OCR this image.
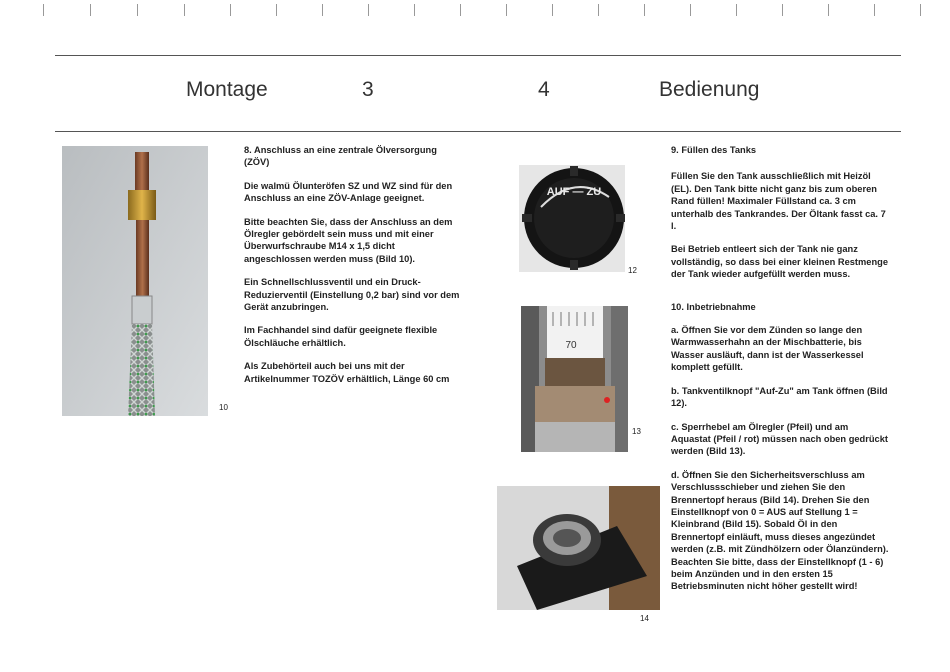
Montage	3	4	Bedienung
10

8. Anschluss an eine zentrale Ölversorgung (ZÖV)

Die walmü Ölunteröfen SZ und WZ sind für den Anschluss an eine ZÖV-Anlage geeignet.

Bitte beachten Sie, dass der Anschluss an dem Ölregler gebördelt sein muss und mit einer Überwurfschraube M14 x 1,5 dicht angeschlossen werden muss (Bild 10).

Ein Schnellschlussventil und ein Druck-Reduzierventil (Einstellung 0,2 bar) sind vor dem Gerät anzubringen.

Im Fachhandel sind dafür geeignete flexible Ölschläuche erhältlich.

Als Zubehörteil auch bei uns mit der Artikelnummer TOZÖV erhältlich, Länge 60 cm

AUF — ZU
12
70
13
14

9. Füllen des Tanks

Füllen Sie den Tank ausschließlich mit Heizöl (EL). Den Tank bitte nicht ganz bis zum oberen Rand füllen! Maximaler Füllstand ca. 3 cm unterhalb des Tankrandes. Der Öltank fasst ca. 7 l.

Bei Betrieb entleert sich der Tank nie ganz vollständig, so dass bei einer kleinen Restmenge der Tank wieder aufgefüllt werden muss.

10. Inbetriebnahme

a. Öffnen Sie vor dem Zünden so lange den Warmwasserhahn an der Mischbatterie, bis Wasser ausläuft, dann ist der Wasserkessel komplett gefüllt.

b. Tankventilknopf "Auf-Zu" am Tank öffnen (Bild 12).

c. Sperrhebel am Ölregler (Pfeil) und am Aquastat (Pfeil / rot) müssen nach oben gedrückt werden (Bild 13).

d. Öffnen Sie den Sicherheitsverschluss am Verschlussschieber und ziehen Sie den Brennertopf heraus (Bild 14). Drehen Sie den Einstellknopf von 0 = AUS auf Stellung 1 = Kleinbrand (Bild 15). Sobald Öl in den Brennertopf einläuft, muss dieses angezündet werden (z.B. mit Zündhölzern oder Ölanzündern). Beachten Sie bitte, dass der Einstellknopf (1 - 6) beim Anzünden und in den ersten 15 Betriebsminuten nicht höher gestellt wird!
